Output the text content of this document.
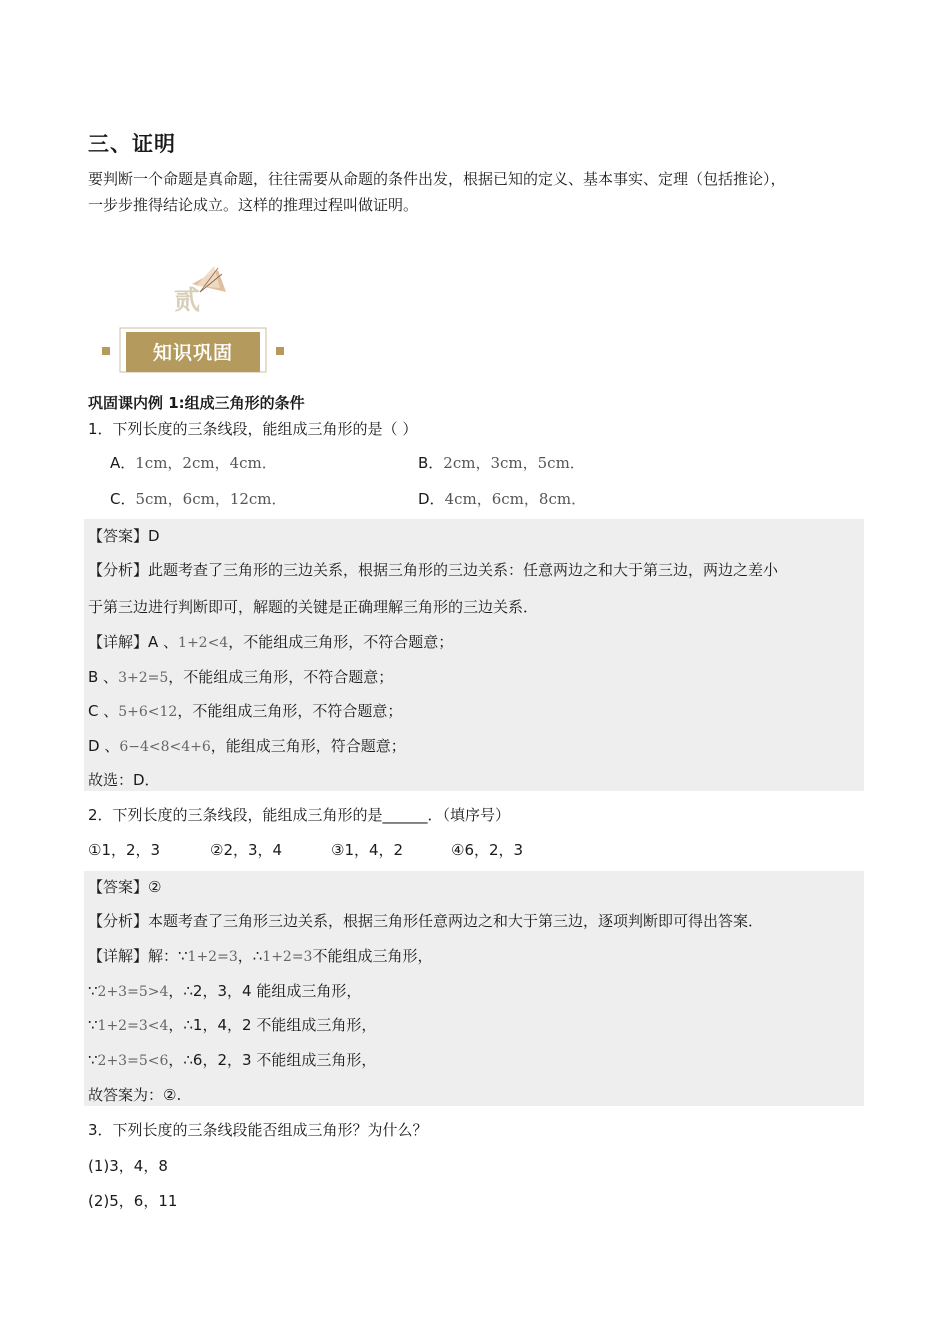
三、证明
要判断一个命题是真命题，往往需要从命题的条件出发，根据已知的定义、基本事实、定理（包括推论），
一步步推得结论成立。这样的推理过程叫做证明。
贰
知识巩固
巩固课内例 1:组成三角形的条件
1．下列长度的三条线段，能组成三角形的是（ ）
A．1cm，2cm，4cm．	B．2cm，3cm，5cm．
C．5cm，6cm，12cm．	D．4cm，6cm，8cm．
【答案】D
【分析】此题考查了三角形的三边关系，根据三角形的三边关系：任意两边之和大于第三边，两边之差小
于第三边进行判断即可，解题的关键是正确理解三角形的三边关系．
【详解】A 、1+2<4，不能组成三角形，不符合题意；
B 、3+2=5，不能组成三角形，不符合题意；
C 、5+6<12，不能组成三角形，不符合题意；
D 、6−4<8<4+6，能组成三角形，符合题意；
故选：D．
2．下列长度的三条线段，能组成三角形的是______．（填序号）
①1，2，3	②2，3，4	③1，4，2	④6，2，3
【答案】②
【分析】本题考查了三角形三边关系，根据三角形任意两边之和大于第三边，逐项判断即可得出答案．
【详解】解：∵1+2=3，∴1+2=3不能组成三角形，
∵2+3=5>4，∴2，3，4 能组成三角形，
∵1+2=3<4，∴1，4，2 不能组成三角形，
∵2+3=5<6，∴6，2，3 不能组成三角形，
故答案为：②.
3．下列长度的三条线段能否组成三角形？为什么？
(1)3，4，8
(2)5，6，11
